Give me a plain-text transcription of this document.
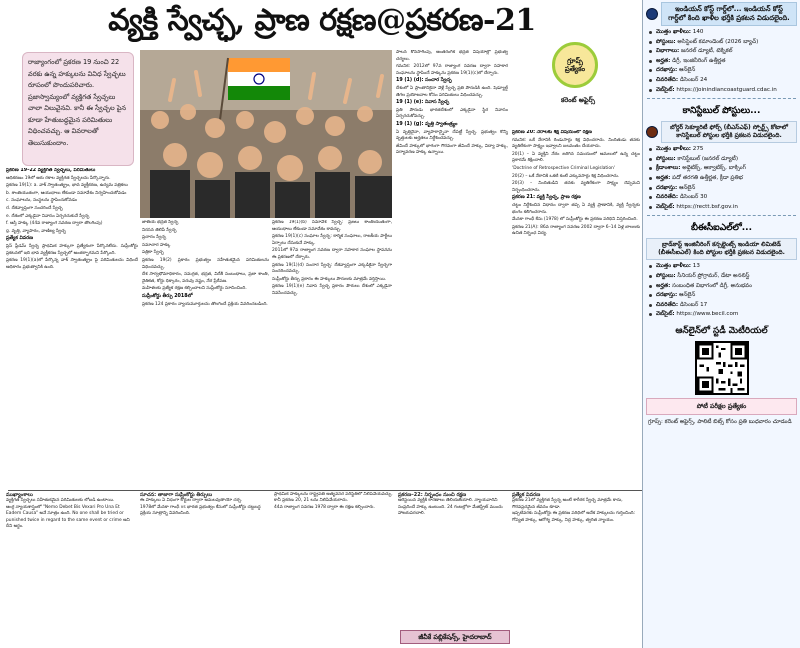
వ్యక్తి స్వేచ్ఛ, ప్రాణ రక్షణ@ప్రకరణ-21
రాజ్యాంగంలో ప్రకరణ 19 నుంచి 22 వరకు ఉన్న హక్కులను వివిధ స్వేచ్ఛలు రూపంలో పొందుపరిచారు. ప్రజాస్వామ్యంలో వ్యక్తిగత స్వేచ్ఛలు చాలా విలువైనవి. కానీ ఈ స్వేచ్ఛల పైన కూడా హేతుబద్ధమైన పరిమితులు విధించవచ్చు. ఆ వివరాలతో తెలుసుకుందాం.

ప్రకరణ 19–22 వ్యక్తిగత స్వేచ్ఛలు, పరిమితులు

ఆధికరణం 19లో ఆరు రకాల వ్యక్తిగత స్వేచ్ఛలను పేర్కొన్నారు.

ప్రకరణ 19(1): a. వాక్ స్వాతంత్య్రం, భావ వ్యక్తీకరణ, ఉద్యమ పత్రికలు

b. శాంతియుతంగా, ఆయుధాలు లేకుండా సమావేశం నిర్వహించుకోవడం

c. సంఘాలను, సంస్థలను స్థాపించుకోవడం

d. దేశవ్యాప్తంగా సంచరించే స్వేచ్ఛ

e. దేశంలో ఎక్కడైనా నివాసం ఏర్పరచుకునే స్వేచ్ఛ

f. ఆస్తి హక్కు (44వ రాజ్యాంగ సవరణ ద్వారా తొలగింపు)

g. వృత్తి, వ్యాపారం, వాణిజ్య స్వేచ్ఛ

ప్రత్యేక వివరణ

ప్రెస్ ఫ్రీడమ్ స్వేచ్ఛ ప్రాథమిక హక్కుగా ప్రత్యేకంగా పేర్కొనలేదు. సుప్రీంకోర్టు ప్రకటనలో ఇది భావ వ్యక్తీకరణ స్వేచ్ఛలో అంతర్భాగమని పేర్కొంది.

ప్రకరణ 19(1)(a)లో పేర్కొన్న వాక్ స్వాతంత్య్రం పై పరిమితులను విధించే అధికారం ప్రభుత్వానికి ఉంది.

జాతీయ భద్రత స్వేచ్ఛ

నిరసన తెలిపే స్వేచ్ఛ

ప్రచారం స్వేచ్ఛ

సమాచార హక్కు

పత్రికా స్వేచ్ఛ

ప్రకరణ 19(2) ప్రకారం ప్రభుత్వం సహేతుకమైన పరిమితులను విధించవచ్చు.

దేశ సార్వభౌమాధికారం, సమగ్రత, భద్రత, విదేశీ సంబంధాలు, ప్రజా శాంతి, నైతికత, కోర్టు ధిక్కారం, పరువు నష్టం, నేర ప్రేరేపణ.

మహిళలకు ప్రత్యేక రక్షణ కల్పించాలని సుప్రీంకోర్టు సూచించింది.

సుప్రీంకోర్టు తీర్పు 2018లో

ప్రకరణ 124 ప్రకారం న్యాయమూర్తులను తొలగించే ప్రక్రియ వివరించబడింది.

ప్రకరణ 19(1)(b) సమావేశ స్వేచ్ఛ: ప్రజలు శాంతియుతంగా, ఆయుధాలు లేకుండా సమావేశం కావచ్చు.

ప్రకరణ 19(1)(c) సంఘాల స్వేచ్ఛ: కార్మిక సంఘాలు, రాజకీయ పార్టీలు ఏర్పాటు చేసుకునే హక్కు.

2011లో 97వ రాజ్యాంగ సవరణ ద్వారా సహకార సంఘాల స్థాపనను ఈ ప్రకరణలో చేర్చారు.

ప్రకరణ 19(1)(d) సంచార స్వేచ్ఛ: దేశవ్యాప్తంగా ఎక్కడికైనా స్వేచ్ఛగా సంచరించవచ్చు.

సుప్రీంకోర్టు తీర్పు ప్రకారం ఈ హక్కులు పౌరులకు మాత్రమే వర్తిస్తాయి.

ప్రకరణ 19(1)(e) నివాస స్వేచ్ఛ ప్రకారం పౌరులు దేశంలో ఎక్కడైనా నివసించవచ్చు.

పాలన కొనసాగింపు, ఆంతరంగిక భద్రత విషయాల్లో ప్రభుత్వ చర్యలు.

గమనిక: 2012లో 97వ రాజ్యాంగ సవరణ ద్వారా సహకార సంఘాలను స్థాపించే హక్కును ప్రకరణ 19(1)(c)లో చేర్చారు.

19 (1) (d): సంచార స్వేచ్ఛ

దేశంలో ఏ ప్రాంతానికైనా వెళ్లే స్వేచ్ఛ ప్రతి పౌరుడికి ఉంది. షెడ్యూల్డ్ తెగల ప్రయోజనాల కోసం పరిమితులు విధించవచ్చు.

19 (1) (e): నివాస స్వేచ్ఛ

ప్రతి పౌరుడు భారతదేశంలో ఎక్కడైనా స్థిర నివాసం ఏర్పరచుకోవచ్చు.

19 (1) (g): వృత్తి స్వాతంత్ర్యం

ఏ వృత్తినైనా, వ్యాపారాన్నైనా చేపట్టే స్వేచ్ఛ. ప్రభుత్వం కొన్ని వృత్తులకు అర్హతలు నిర్దేశించవచ్చు.

జీవించే హక్కులో భాగంగా గౌరవంగా జీవించే హక్కు, విద్యా హక్కు, పర్యావరణ హక్కు ఉన్నాయి.

గ్రూప్స్
ప్రత్యేకం
కరెంట్ అఫైర్స్

ప్రకరణ 20: నేరాలకు శిక్ష విషయంలో రక్షణ

గమనిక: ఒకే నేరానికి రెండుసార్లు శిక్ష విధించరాదు. నిందితుడు తనకు వ్యతిరేకంగా సాక్ష్యం ఇవ్వాలని బలవంతం చేయరాదు.

20(1) – ఏ వ్యక్తిని నేరం జరిగిన సమయంలో అమలులో ఉన్న చట్టం ప్రకారమే శిక్షించాలి.

'Doctrine of Retrospective Criminal Legislation'

20(2) – ఒకే నేరానికి ఒకటి కంటే ఎక్కువసార్లు శిక్ష విధించరాదు.

20(3) – నిందితుడిని తనకు వ్యతిరేకంగా సాక్ష్యం చెప్పమని నిర్బంధించరాదు.

ప్రకరణ 21: వ్యక్తి స్వేచ్ఛ, ప్రాణ రక్షణ

చట్టం నిర్దేశించిన విధానం ద్వారా తప్ప ఏ వ్యక్తి ప్రాణానికి, వ్యక్తి స్వేచ్ఛకు భంగం కలిగించరాదు.

మేనకా గాంధీ కేసు (1978) లో సుప్రీంకోర్టు ఈ ప్రకరణ పరిధిని విస్తరించింది.

ప్రకరణ 21(A): 86వ రాజ్యాంగ సవరణ 2002 ద్వారా 6–14 ఏళ్ల బాలలకు ఉచిత నిర్బంధ విద్య.

ముఖ్యాంశాలు

వ్యక్తిగత స్వేచ్ఛలు సహేతుకమైన పరిమితులకు లోబడి ఉంటాయి.

ఆంగ్ల న్యాయశాస్త్రంలో "Nemo Debet Bis Vexari Pro Una Et Eadem Causa" అనే సూత్రం ఉంది. No one shall be tried or punished twice in regard to the same event or crime అని దీని అర్థం.

సూచన: తాజాగా సుప్రీంకోర్టు తీర్పులు

ఈ హక్కులు ఏ విధంగా కోర్టుల ద్వారా అమలవుతాయో చర్చ.

1978లో మేనకా గాంధీ vs భారత ప్రభుత్వం కేసులో సుప్రీంకోర్టు చట్టబద్ధ ప్రక్రియ సూత్రాన్ని వివరించింది.

ప్రాథమిక హక్కులను రాష్ట్రపతి అత్యవసర పరిస్థితిలో నిలిపివేయవచ్చు. కానీ ప్రకరణ 20, 21 లను నిలిపివేయరాదు.

44వ రాజ్యాంగ సవరణ 1978 ద్వారా ఈ రక్షణ కల్పించారు.

ప్రకరణ–22: నిర్బంధం నుంచి రక్షణ

అరెస్టయిన వ్యక్తికి కారణాలు తెలియజేయాలి. న్యాయవాదిని సంప్రదించే హక్కు ఉంటుంది. 24 గంటల్లోగా మేజిస్ట్రేట్ ముందు హాజరుపరచాలి.

ప్రత్యేక వివరణ

ప్రకరణ 21లో వ్యక్తిగత స్వేచ్ఛ అంటే శారీరక స్వేచ్ఛ మాత్రమే కాదు, గౌరవప్రదమైన జీవనం కూడా.

ఇప్పటివరకు సుప్రీంకోర్టు ఈ ప్రకరణ పరిధిలో అనేక హక్కులను గుర్తించింది: గోప్యత హక్కు, ఆరోగ్య హక్కు, నిద్ర హక్కు, త్వరిత న్యాయం.

జీవీకే పబ్లికేషన్స్, హైదరాబాద్
ఇండియన్ కోస్ట్ గార్డ్‌లో... ఇండియన్ కోస్ట్ గార్డ్‌లో కింది ఖాళీల భర్తీకి ప్రకటన విడుదలైంది.
మొత్తం ఖాళీలు: 140
పోస్టులు: అసిస్టెంట్ కమాండెంట్ (2026 బ్యాచ్)
విభాగాలు: జనరల్ డ్యూటీ, టెక్నికల్
అర్హత: డిగ్రీ, ఇంజినీరింగ్ ఉత్తీర్ణత
దరఖాస్తు: ఆన్‌లైన్
చివరితేది: డిసెంబర్ 24
వెబ్‌సైట్: https://joinindiancoastguard.cdac.in
కానిస్టేబుల్ పోస్టులు...
బోర్డర్ సెక్యూరిటీ ఫోర్స్ (బీఎస్‌ఎఫ్) స్పోర్ట్స్ కోటాలో కానిస్టేబుల్ పోస్టుల భర్తీకి ప్రకటన విడుదలైంది.
మొత్తం ఖాళీలు: 275
పోస్టులు: కానిస్టేబుల్ (జనరల్ డ్యూటీ)
క్రీడాంశాలు: అథ్లెటిక్స్, ఆక్వాటిక్స్, బాక్సింగ్
అర్హత: పదో తరగతి ఉత్తీర్ణత, క్రీడా ప్రతిభ
దరఖాస్తు: ఆన్‌లైన్
చివరితేది: డిసెంబర్ 30
వెబ్‌సైట్: https://rectt.bsf.gov.in
బీఈసీఐఎల్‌లో...
బ్రాడ్‌కాస్ట్ ఇంజినీరింగ్ కన్సల్టెంట్స్ ఇండియా లిమిటెడ్ (బీఈసీఐఎల్) కింది పోస్టుల భర్తీకి ప్రకటన విడుదలైంది.
మొత్తం ఖాళీలు: 13
పోస్టులు: సీనియర్ ప్రోగ్రామర్, డేటా అనలిస్ట్
అర్హత: సంబంధిత విభాగంలో డిగ్రీ, అనుభవం
దరఖాస్తు: ఆన్‌లైన్
చివరితేది: డిసెంబర్ 17
వెబ్‌సైట్: https://www.becil.com
ఆన్‌లైన్‌లో స్టడీ మెటీరియల్
పోటీ పరీక్షల ప్రత్యేకం
గ్రూప్స్: కరెంట్ అఫైర్స్, పాలిటీ బిట్స్ కోసం ప్రతి బుధవారం చూడండి
